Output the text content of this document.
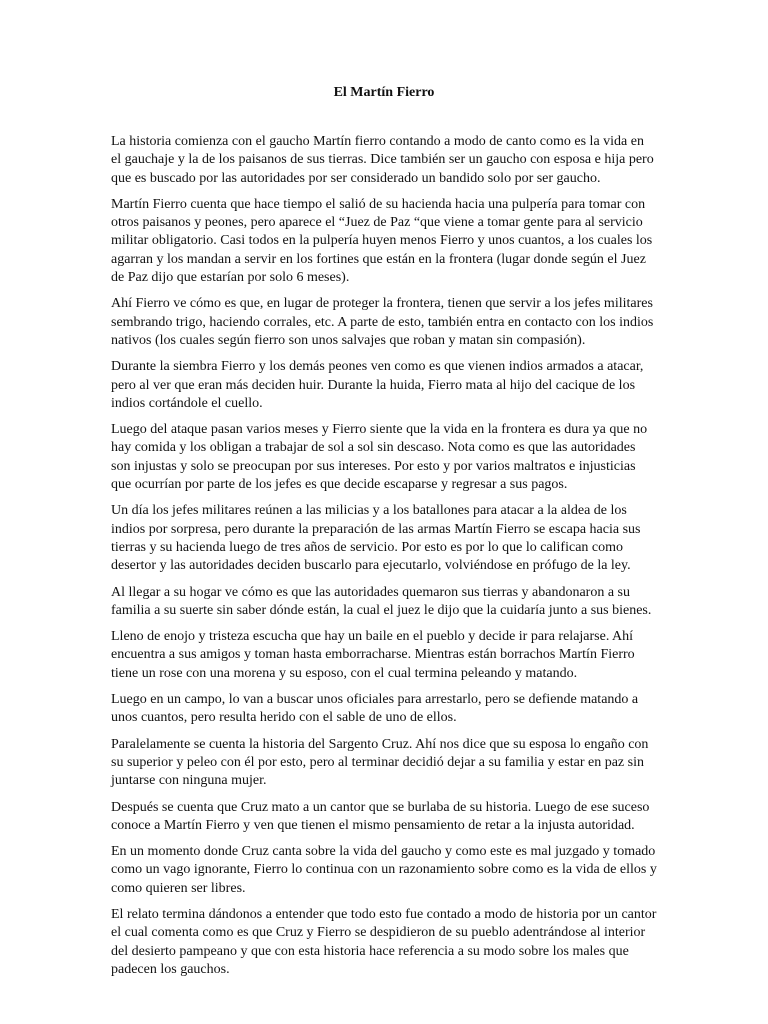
El Martín Fierro

La historia comienza con el gaucho Martín fierro contando a modo de canto como es la vida en el gauchaje y la de los paisanos de sus tierras. Dice también ser un gaucho con esposa e hija pero que es buscado por las autoridades por ser considerado un bandido solo por ser gaucho.

Martín Fierro cuenta que hace tiempo el salió de su hacienda hacia una pulpería para tomar con otros paisanos y peones, pero aparece el “Juez de Paz “que viene a tomar gente para al servicio militar obligatorio. Casi todos en la pulpería huyen menos Fierro y unos cuantos, a los cuales los agarran y los mandan a servir en los fortines que están en la frontera (lugar donde según el Juez de Paz dijo que estarían por solo 6 meses).

Ahí Fierro ve cómo es que, en lugar de proteger la frontera, tienen que servir a los jefes militares sembrando trigo, haciendo corrales, etc. A parte de esto, también entra en contacto con los indios nativos (los cuales según fierro son unos salvajes que roban y matan sin compasión).

Durante la siembra Fierro y los demás peones ven como es que vienen indios armados a atacar, pero al ver que eran más deciden huir. Durante la huida, Fierro mata al hijo del cacique de los indios cortándole el cuello.

Luego del ataque pasan varios meses y Fierro siente que la vida en la frontera es dura ya que no hay comida y los obligan a trabajar de sol a sol sin descaso. Nota como es que las autoridades son injustas y solo se preocupan por sus intereses. Por esto y por varios maltratos e injusticias que ocurrían por parte de los jefes es que decide escaparse y regresar a sus pagos.

Un día los jefes militares reúnen a las milicias y a los batallones para atacar a la aldea de los indios por sorpresa, pero durante la preparación de las armas Martín Fierro se escapa hacia sus tierras y su hacienda luego de tres años de servicio. Por esto es por lo que lo califican como desertor y las autoridades deciden buscarlo para ejecutarlo, volviéndose en prófugo de la ley.

Al llegar a su hogar ve cómo es que las autoridades quemaron sus tierras y abandonaron a su familia a su suerte sin saber dónde están, la cual el juez le dijo que la cuidaría junto a sus bienes.

Lleno de enojo y tristeza escucha que hay un baile en el pueblo y decide ir para relajarse. Ahí encuentra a sus amigos y toman hasta emborracharse. Mientras están borrachos Martín Fierro tiene un rose con una morena y su esposo, con el cual termina peleando y matando.

Luego en un campo, lo van a buscar unos oficiales para arrestarlo, pero se defiende matando a unos cuantos, pero resulta herido con el sable de uno de ellos.

Paralelamente se cuenta la historia del Sargento Cruz. Ahí nos dice que su esposa lo engaño con su superior y peleo con él por esto, pero al terminar decidió dejar a su familia y estar en paz sin juntarse con ninguna mujer.

Después se cuenta que Cruz mato a un cantor que se burlaba de su historia. Luego de ese suceso conoce a Martín Fierro y ven que tienen el mismo pensamiento de retar a la injusta autoridad.

En un momento donde Cruz canta sobre la vida del gaucho y como este es mal juzgado y tomado como un vago ignorante, Fierro lo continua con un razonamiento sobre como es la vida de ellos y como quieren ser libres.

El relato termina dándonos a entender que todo esto fue contado a modo de historia por un cantor el cual comenta como es que Cruz y Fierro se despidieron de su pueblo adentrándose al interior del desierto pampeano y que con esta historia hace referencia a su modo sobre los males que padecen los gauchos.
